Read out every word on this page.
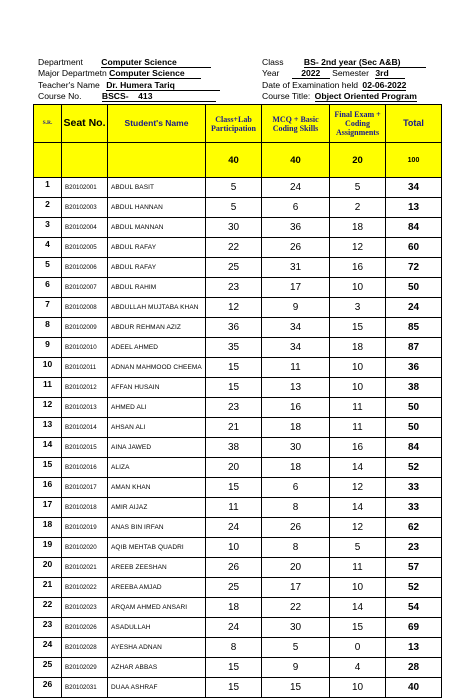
Department Computer Science
Major Departmetn Computer Science
Teacher's Name Dr. Humera Tariq
Course No. BSCS-    413
Class BS- 2nd year (Sec A&B)
Year	2022 Semester 3rd
Date of Examination held 02-06-2022
Course Title: Object Oriented Program
S.R.	Seat No.	Student's Name	Class+Lab Participation	MCQ + Basic Coding Skills	Final Exam + Coding Assignments	Total
			40	40	20	100
1	B20102001	ABDUL BASIT	5	24	5	34
2	B20102003	ABDUL HANNAN	5	6	2	13
3	B20102004	ABDUL MANNAN	30	36	18	84
4	B20102005	ABDUL RAFAY	22	26	12	60
5	B20102006	ABDUL RAFAY	25	31	16	72
6	B20102007	ABDUL RAHIM	23	17	10	50
7	B20102008	ABDULLAH MUJTABA KHAN	12	9	3	24
8	B20102009	ABDUR REHMAN AZIZ	36	34	15	85
9	B20102010	ADEEL AHMED	35	34	18	87
10	B20102011	ADNAN MAHMOOD CHEEMA	15	11	10	36
11	B20102012	AFFAN HUSAIN	15	13	10	38
12	B20102013	AHMED ALI	23	16	11	50
13	B20102014	AHSAN ALI	21	18	11	50
14	B20102015	AINA JAWED	38	30	16	84
15	B20102016	ALIZA	20	18	14	52
16	B20102017	AMAN KHAN	15	6	12	33
17	B20102018	AMIR AIJAZ	11	8	14	33
18	B20102019	ANAS BIN IRFAN	24	26	12	62
19	B20102020	AQIB MEHTAB QUADRI	10	8	5	23
20	B20102021	AREEB ZEESHAN	26	20	11	57
21	B20102022	AREEBA AMJAD	25	17	10	52
22	B20102023	ARQAM AHMED ANSARI	18	22	14	54
23	B20102026	ASADULLAH	24	30	15	69
24	B20102028	AYESHA ADNAN	8	5	0	13
25	B20102029	AZHAR ABBAS	15	9	4	28
26	B20102031	DUAA ASHRAF	15	15	10	40
